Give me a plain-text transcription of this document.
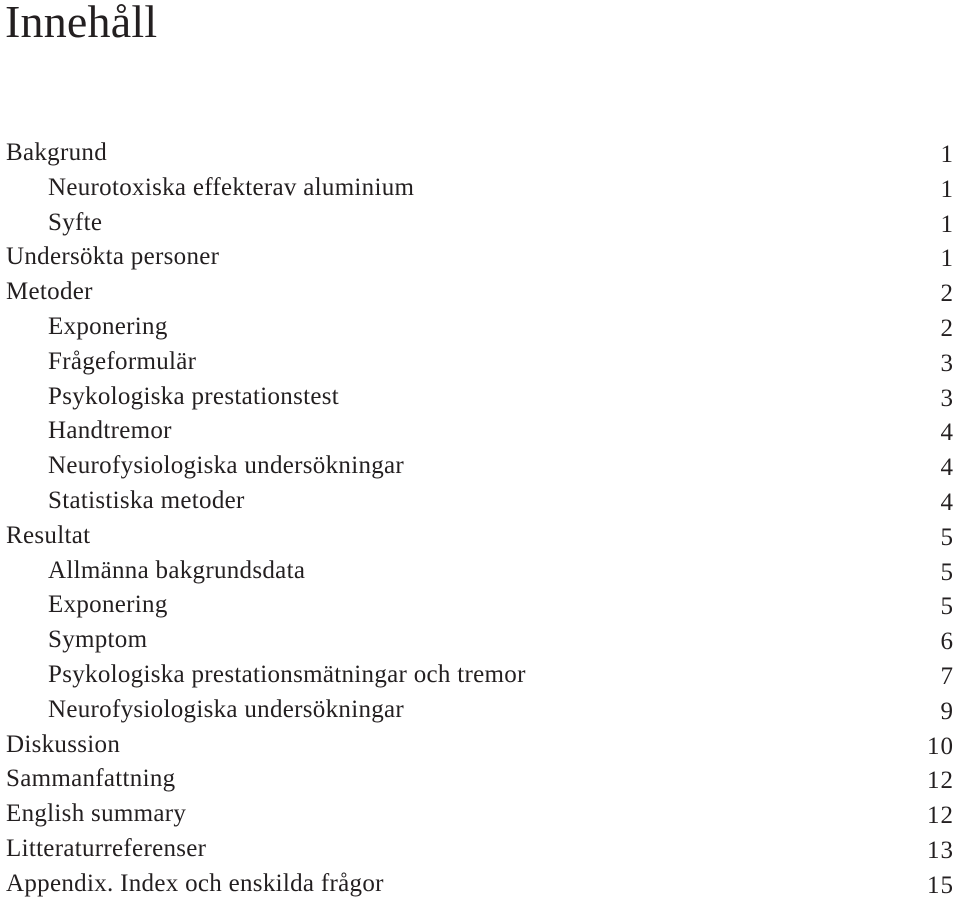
Innehåll
Bakgrund	1
Neurotoxiska effekterav aluminium	1
Syfte	1
Undersökta personer	1
Metoder	2
Exponering	2
Frågeformulär	3
Psykologiska prestationstest	3
Handtremor	4
Neurofysiologiska undersökningar	4
Statistiska metoder	4
Resultat	5
Allmänna bakgrundsdata	5
Exponering	5
Symptom	6
Psykologiska prestationsmätningar och tremor	7
Neurofysiologiska undersökningar	9
Diskussion	10
Sammanfattning	12
English summary	12
Litteraturreferenser	13
Appendix. Index och enskilda frågor	15
